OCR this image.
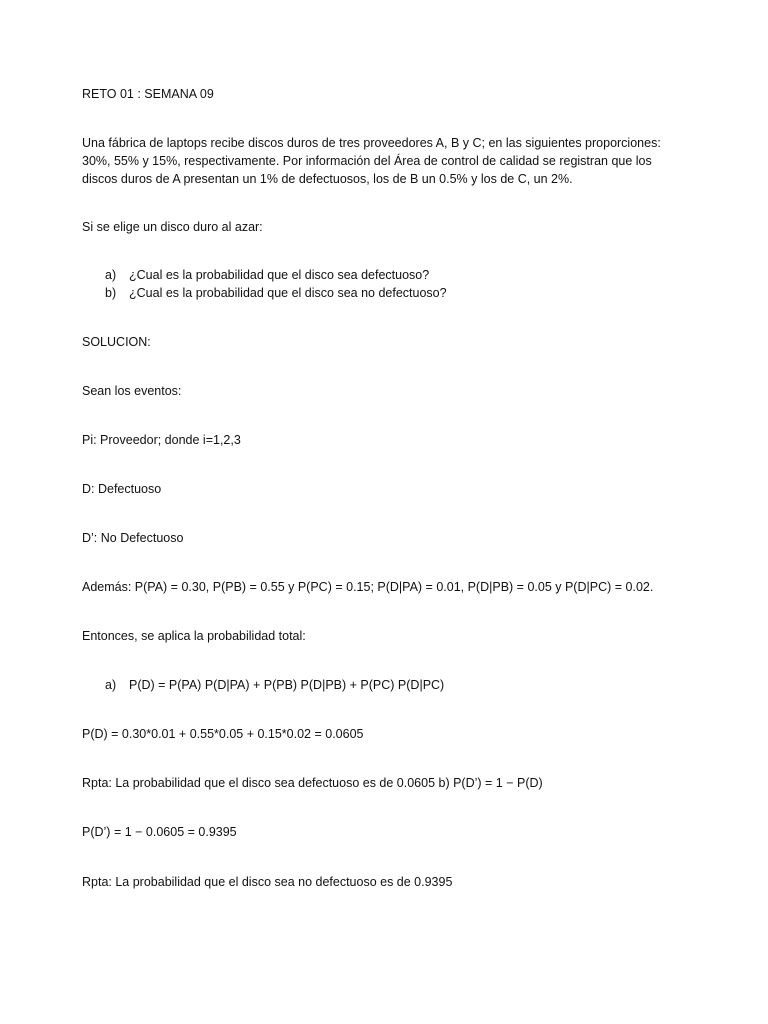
RETO 01 : SEMANA 09
Una fábrica de laptops recibe discos duros de tres proveedores A, B y C; en las siguientes proporciones:
30%, 55% y 15%, respectivamente. Por información del Área de control de calidad se registran que los
discos duros de A presentan un 1% de defectuosos, los de B un 0.5% y los de C, un 2%.
Si se elige un disco duro al azar:
a) ¿Cual es la probabilidad que el disco sea defectuoso?
b) ¿Cual es la probabilidad que el disco sea no defectuoso?
SOLUCION:
Sean los eventos:
Pi: Proveedor; donde i=1,2,3
D: Defectuoso
D’: No Defectuoso
Además: P(PA) = 0.30, P(PB) = 0.55 y P(PC) = 0.15; P(D|PA) = 0.01, P(D|PB) = 0.05 y P(D|PC) = 0.02.
Entonces, se aplica la probabilidad total:
a) P(D) = P(PA) P(D|PA) + P(PB) P(D|PB) + P(PC) P(D|PC)
P(D) = 0.30*0.01 + 0.55*0.05 + 0.15*0.02 = 0.0605
Rpta: La probabilidad que el disco sea defectuoso es de 0.0605 b) P(D’) = 1 − P(D)
P(D’) = 1 − 0.0605 = 0.9395
Rpta: La probabilidad que el disco sea no defectuoso es de 0.9395
